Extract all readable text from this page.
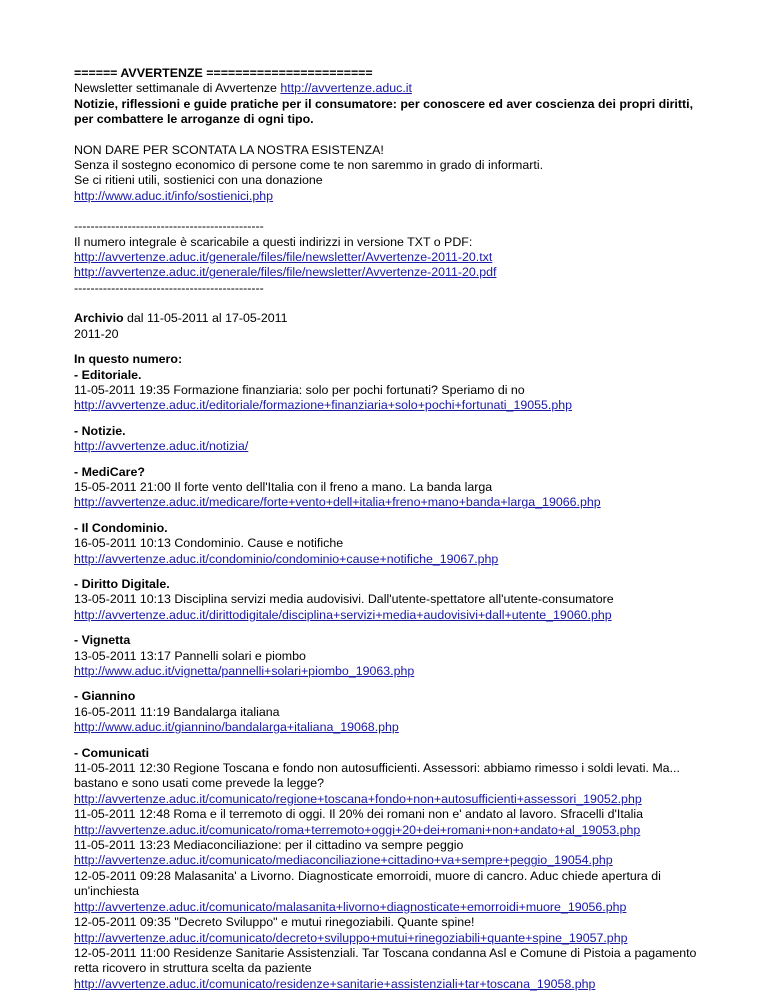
====== AVVERTENZE =======================
Newsletter settimanale di Avvertenze http://avvertenze.aduc.it
Notizie, riflessioni e guide pratiche per il consumatore: per conoscere ed aver coscienza dei propri diritti, per combattere le arroganze di ogni tipo.
NON DARE PER SCONTATA LA NOSTRA ESISTENZA!
Senza il sostegno economico di persone come te non saremmo in grado di informarti.
Se ci ritieni utili, sostienici con una donazione
http://www.aduc.it/info/sostienici.php
----------------------------------------------
Il numero integrale è scaricabile a questi indirizzi in versione TXT o PDF:
http://avvertenze.aduc.it/generale/files/file/newsletter/Avvertenze-2011-20.txt
http://avvertenze.aduc.it/generale/files/file/newsletter/Avvertenze-2011-20.pdf
----------------------------------------------
Archivio dal 11-05-2011 al 17-05-2011
2011-20
In questo numero:
- Editoriale.
11-05-2011 19:35 Formazione finanziaria: solo per pochi fortunati? Speriamo di no
http://avvertenze.aduc.it/editoriale/formazione+finanziaria+solo+pochi+fortunati_19055.php
- Notizie.
http://avvertenze.aduc.it/notizia/
- MediCare?
15-05-2011 21:00 Il forte vento dell'Italia con il freno a mano. La banda larga
http://avvertenze.aduc.it/medicare/forte+vento+dell+italia+freno+mano+banda+larga_19066.php
- Il Condominio.
16-05-2011 10:13 Condominio. Cause e notifiche
http://avvertenze.aduc.it/condominio/condominio+cause+notifiche_19067.php
- Diritto Digitale.
13-05-2011 10:13 Disciplina servizi media audovisivi. Dall'utente-spettatore all'utente-consumatore
http://avvertenze.aduc.it/dirittodigitale/disciplina+servizi+media+audovisivi+dall+utente_19060.php
- Vignetta
13-05-2011 13:17 Pannelli solari e piombo
http://www.aduc.it/vignetta/pannelli+solari+piombo_19063.php
- Giannino
16-05-2011 11:19 Bandalarga italiana
http://www.aduc.it/giannino/bandalarga+italiana_19068.php
- Comunicati
11-05-2011 12:30 Regione Toscana e fondo non autosufficienti. Assessori: abbiamo rimesso i soldi levati. Ma... bastano e sono usati come prevede la legge?
http://avvertenze.aduc.it/comunicato/regione+toscana+fondo+non+autosufficienti+assessori_19052.php
11-05-2011 12:48 Roma e il terremoto di oggi. Il 20% dei romani non e' andato al lavoro. Sfracelli d'Italia
http://avvertenze.aduc.it/comunicato/roma+terremoto+oggi+20+dei+romani+non+andato+al_19053.php
11-05-2011 13:23 Mediaconciliazione: per il cittadino va sempre peggio
http://avvertenze.aduc.it/comunicato/mediaconciliazione+cittadino+va+sempre+peggio_19054.php
12-05-2011 09:28 Malasanita' a Livorno. Diagnosticate emorroidi, muore di cancro. Aduc chiede apertura di un'inchiesta
http://avvertenze.aduc.it/comunicato/malasanita+livorno+diagnosticate+emorroidi+muore_19056.php
12-05-2011 09:35 "Decreto Sviluppo" e mutui rinegoziabili. Quante spine!
http://avvertenze.aduc.it/comunicato/decreto+sviluppo+mutui+rinegoziabili+quante+spine_19057.php
12-05-2011 11:00 Residenze Sanitarie Assistenziali. Tar Toscana condanna Asl e Comune di Pistoia a pagamento retta ricovero in struttura scelta da paziente
http://avvertenze.aduc.it/comunicato/residenze+sanitarie+assistenziali+tar+toscana_19058.php
